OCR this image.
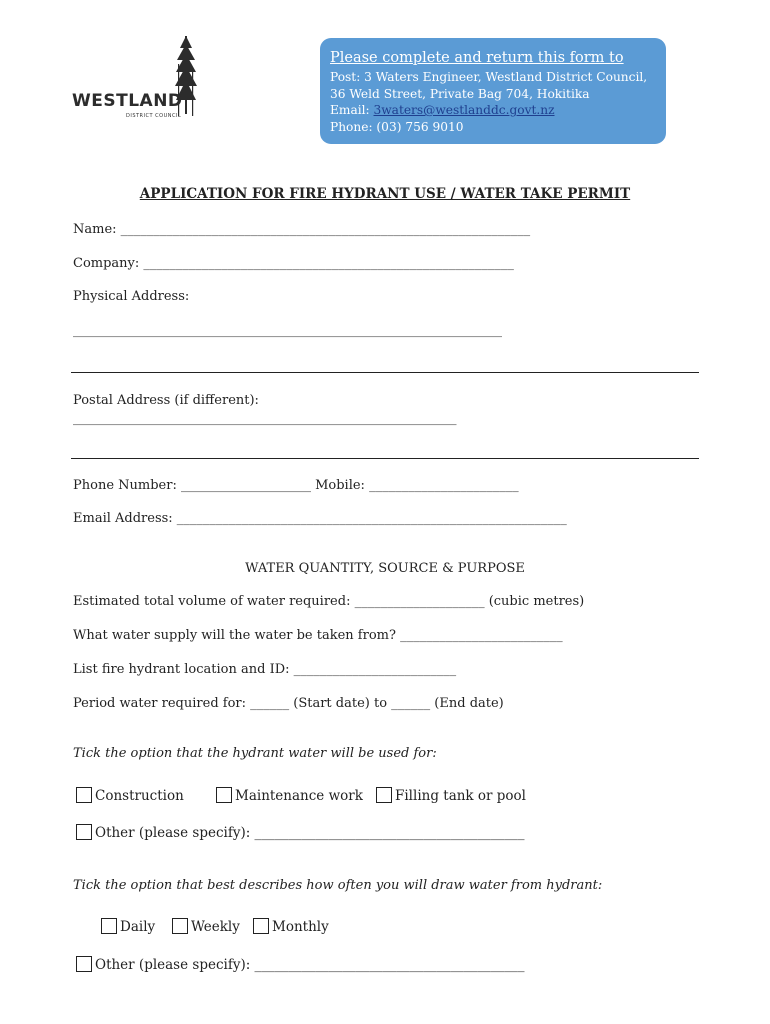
WESTLAND
DISTRICT COUNCIL
Please complete and return this form to
Post: 3 Waters Engineer, Westland District Council,
36 Weld Street, Private Bag 704, Hokitika
Email: 3waters@westlanddc.govt.nz
Phone: (03) 756 9010
APPLICATION FOR FIRE HYDRANT USE / WATER TAKE PERMIT
Name: _______________________________________________________________
Company: _________________________________________________________
Physical Address:
__________________________________________________________________
Postal Address (if different):
___________________________________________________________
Phone Number: ____________________ Mobile: _______________________
Email Address: ____________________________________________________________
WATER QUANTITY, SOURCE & PURPOSE
Estimated total volume of water required: ____________________ (cubic metres)
What water supply will the water be taken from? _________________________
List fire hydrant location and ID: _________________________
Period water required for: ______ (Start date) to ______ (End date)
Tick the option that the hydrant water will be used for:
Construction	Maintenance work	Filling tank or pool
Other (please specify): ________________________________________
Tick the option that best describes how often you will draw water from hydrant:
Daily	Weekly	Monthly
Other (please specify): ________________________________________
